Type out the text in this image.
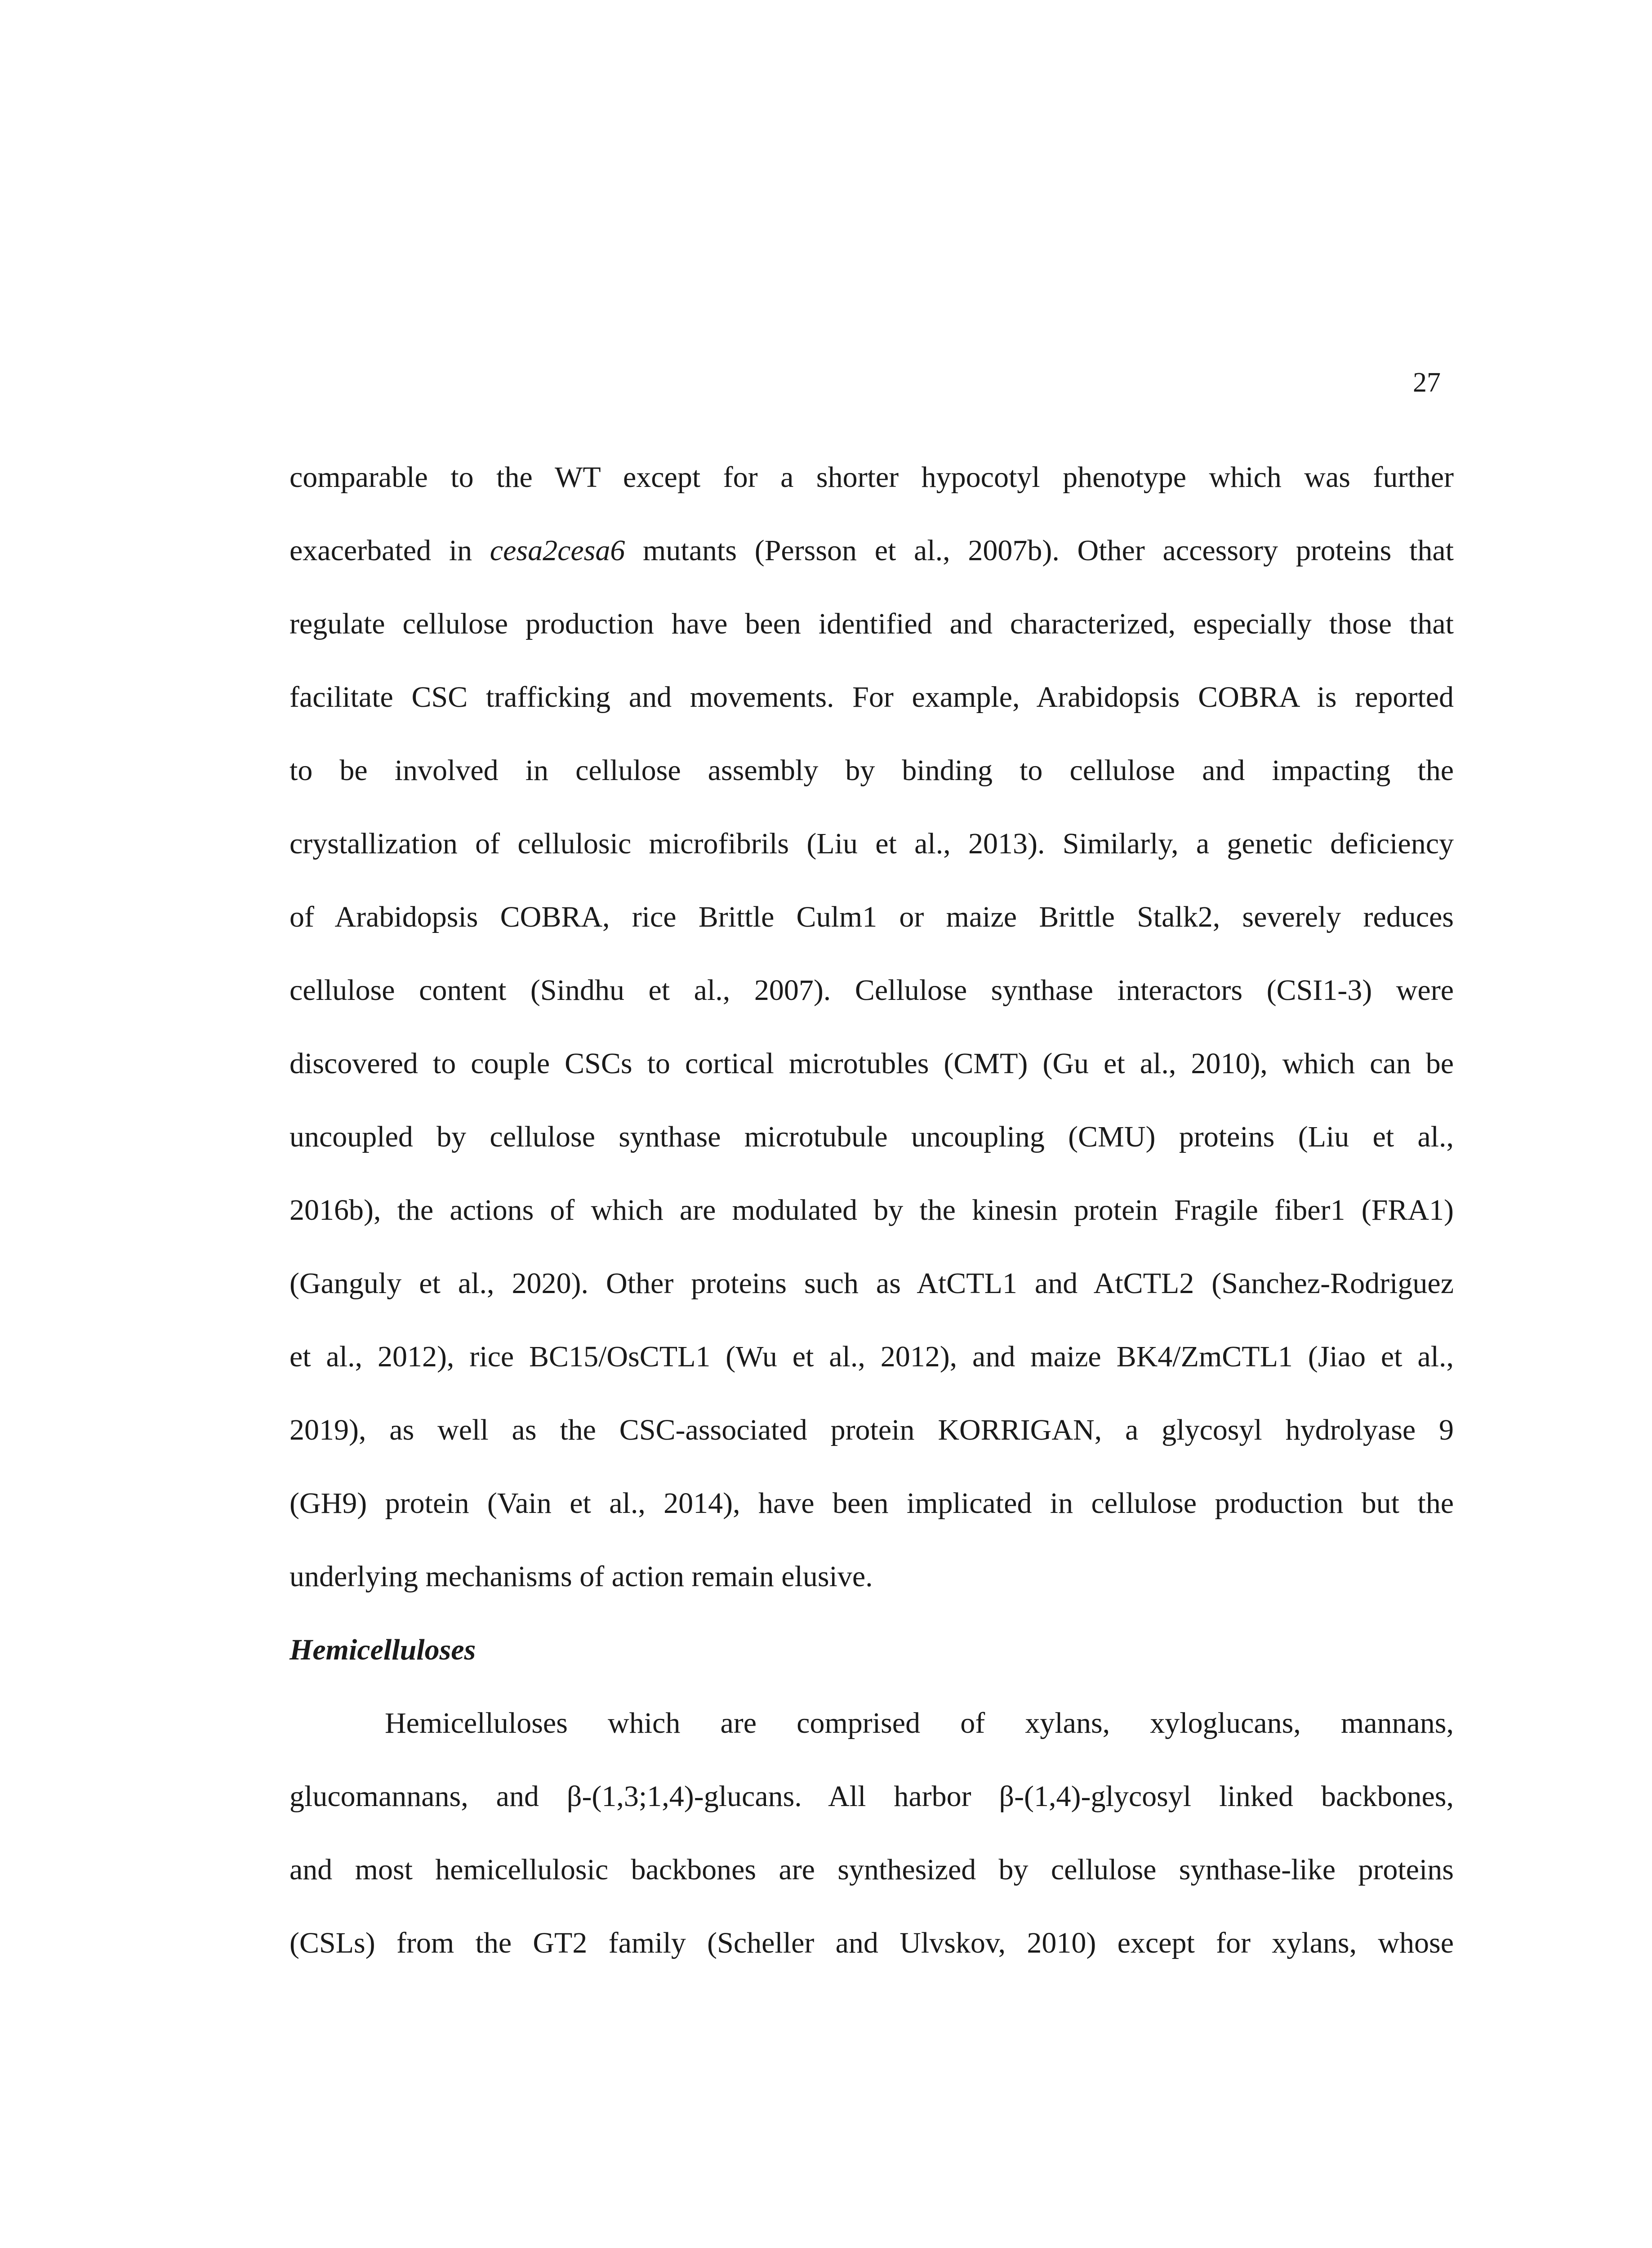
27
comparable to the WT except for a shorter hypocotyl phenotype which was further
exacerbated in cesa2cesa6 mutants (Persson et al., 2007b). Other accessory proteins that
regulate cellulose production have been identified and characterized, especially those that
facilitate CSC trafficking and movements. For example, Arabidopsis COBRA is reported
to be involved in cellulose assembly by binding to cellulose and impacting the
crystallization of cellulosic microfibrils (Liu et al., 2013). Similarly, a genetic deficiency
of Arabidopsis COBRA, rice Brittle Culm1 or maize Brittle Stalk2, severely reduces
cellulose content (Sindhu et al., 2007). Cellulose synthase interactors (CSI1-3) were
discovered to couple CSCs to cortical microtubles (CMT) (Gu et al., 2010), which can be
uncoupled by cellulose synthase microtubule uncoupling (CMU) proteins (Liu et al.,
2016b), the actions of which are modulated by the kinesin protein Fragile fiber1 (FRA1)
(Ganguly et al., 2020). Other proteins such as AtCTL1 and AtCTL2 (Sanchez-Rodriguez
et al., 2012), rice BC15/OsCTL1 (Wu et al., 2012), and maize BK4/ZmCTL1 (Jiao et al.,
2019), as well as the CSC-associated protein KORRIGAN, a glycosyl hydrolyase 9
(GH9) protein (Vain et al., 2014), have been implicated in cellulose production but the
underlying mechanisms of action remain elusive.
Hemicelluloses
Hemicelluloses which are comprised of xylans, xyloglucans, mannans,
glucomannans, and β-(1,3;1,4)-glucans. All harbor β-(1,4)-glycosyl linked backbones,
and most hemicellulosic backbones are synthesized by cellulose synthase-like proteins
(CSLs) from the GT2 family (Scheller and Ulvskov, 2010) except for xylans, whose
